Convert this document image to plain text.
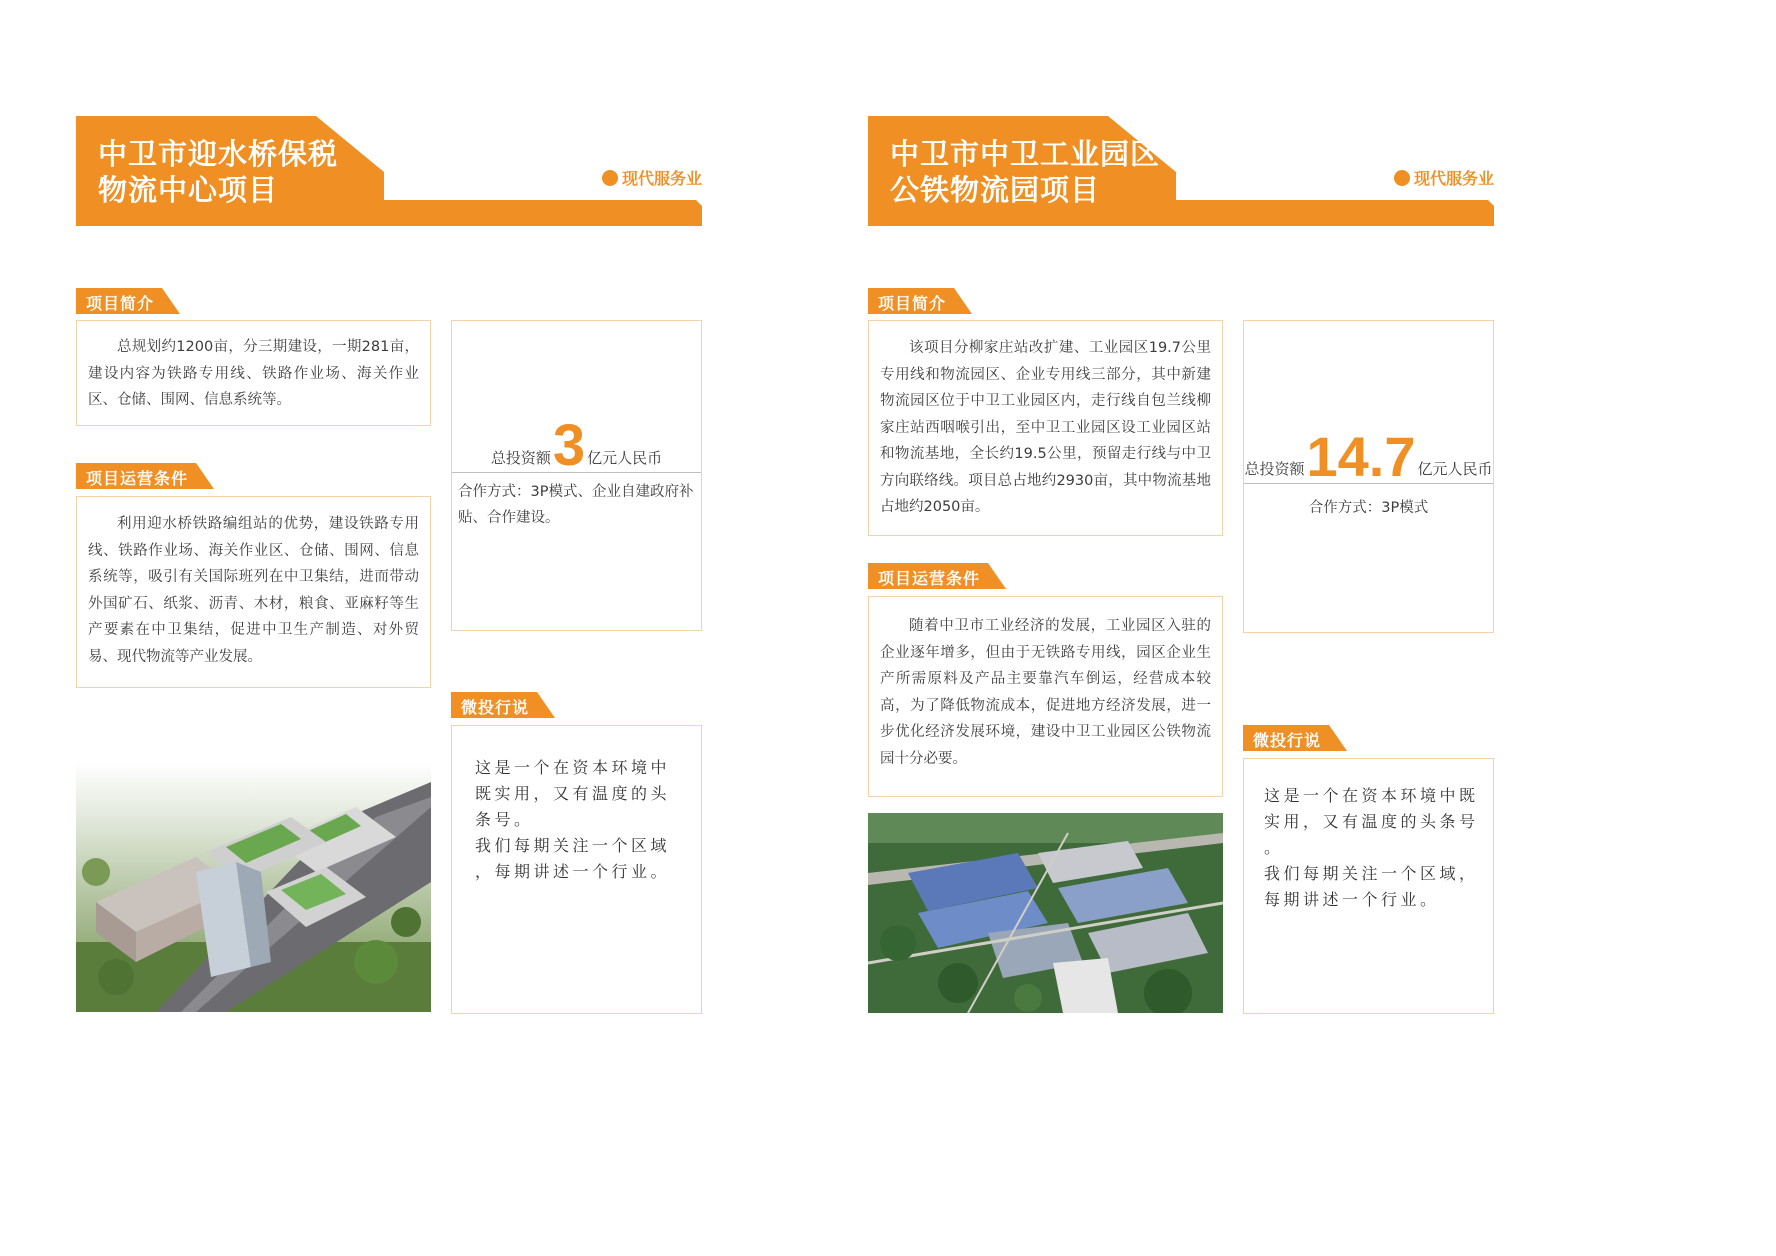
中卫市迎水桥保税
物流中心项目	现代服务业
项目简介

总规划约1200亩，分三期建设，一期281亩，建设内容为铁路专用线、铁路作业场、海关作业区、仓储、围网、信息系统等。

项目运营条件

利用迎水桥铁路编组站的优势，建设铁路专用线、铁路作业场、海关作业区、仓储、围网、信息系统等，吸引有关国际班列在中卫集结，进而带动外国矿石、纸浆、沥青、木材，粮食、亚麻籽等生产要素在中卫集结，促进中卫生产制造、对外贸易、现代物流等产业发展。

总投资额 3 亿元人民币
合作方式：3P模式、企业自建政府补贴、合作建设。
微投行说
这是一个在资本环境中
既实用，又有温度的头
条号。
我们每期关注一个区域
，每期讲述一个行业。
中卫市中卫工业园区
公铁物流园项目	现代服务业
项目简介

该项目分柳家庄站改扩建、工业园区19.7公里专用线和物流园区、企业专用线三部分，其中新建物流园区位于中卫工业园区内，走行线自包兰线柳家庄站西咽喉引出，至中卫工业园区设工业园区站和物流基地，全长约19.5公里，预留走行线与中卫方向联络线。项目总占地约2930亩，其中物流基地占地约2050亩。

项目运营条件

随着中卫市工业经济的发展，工业园区入驻的企业逐年增多，但由于无铁路专用线，园区企业生产所需原料及产品主要靠汽车倒运，经营成本较高，为了降低物流成本，促进地方经济发展，进一步优化经济发展环境，建设中卫工业园区公铁物流园十分必要。

总投资额 14.7 亿元人民币
合作方式：3P模式
微投行说
这是一个在资本环境中既
实用，又有温度的头条号
。
我们每期关注一个区域，
每期讲述一个行业。
